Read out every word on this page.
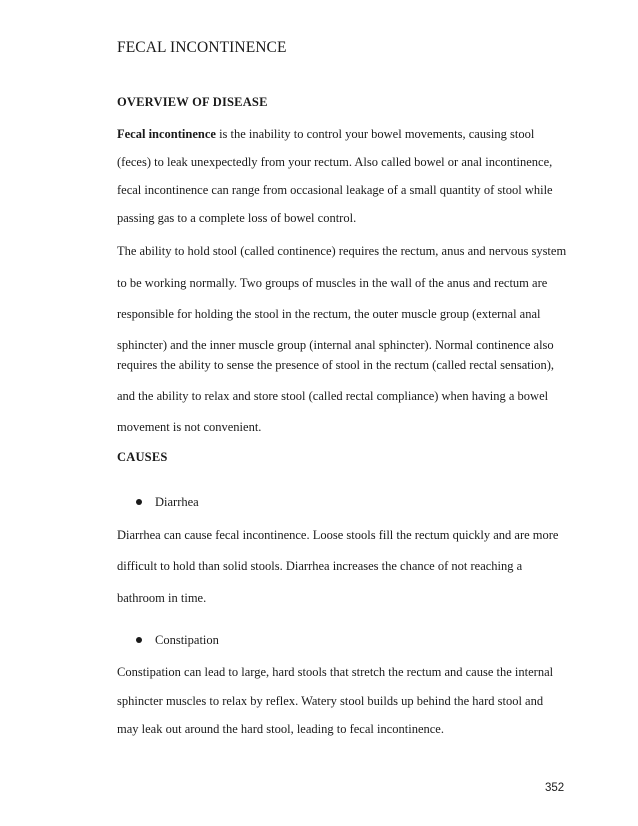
FECAL INCONTINENCE
OVERVIEW OF DISEASE

Fecal incontinence is the inability to control your bowel movements, causing stool

(feces) to leak unexpectedly from your rectum. Also called bowel or anal incontinence,

fecal incontinence can range from occasional leakage of a small quantity of stool while

passing gas to a complete loss of bowel control.

The ability to hold stool (called continence) requires the rectum, anus and nervous system

to be working normally. Two groups of muscles in the wall of the anus and rectum are

responsible for holding the stool in the rectum, the outer muscle group (external anal

sphincter) and the inner muscle group (internal anal sphincter). Normal continence also

requires the ability to sense the presence of stool in the rectum (called rectal sensation),

and the ability to relax and store stool (called rectal compliance) when having a bowel

movement is not convenient.

CAUSES
Diarrhea

Diarrhea can cause fecal incontinence. Loose stools fill the rectum quickly and are more

difficult to hold than solid stools. Diarrhea increases the chance of not reaching a

bathroom in time.

Constipation

Constipation can lead to large, hard stools that stretch the rectum and cause the internal

sphincter muscles to relax by reflex. Watery stool builds up behind the hard stool and

may leak out around the hard stool, leading to fecal incontinence.

352
